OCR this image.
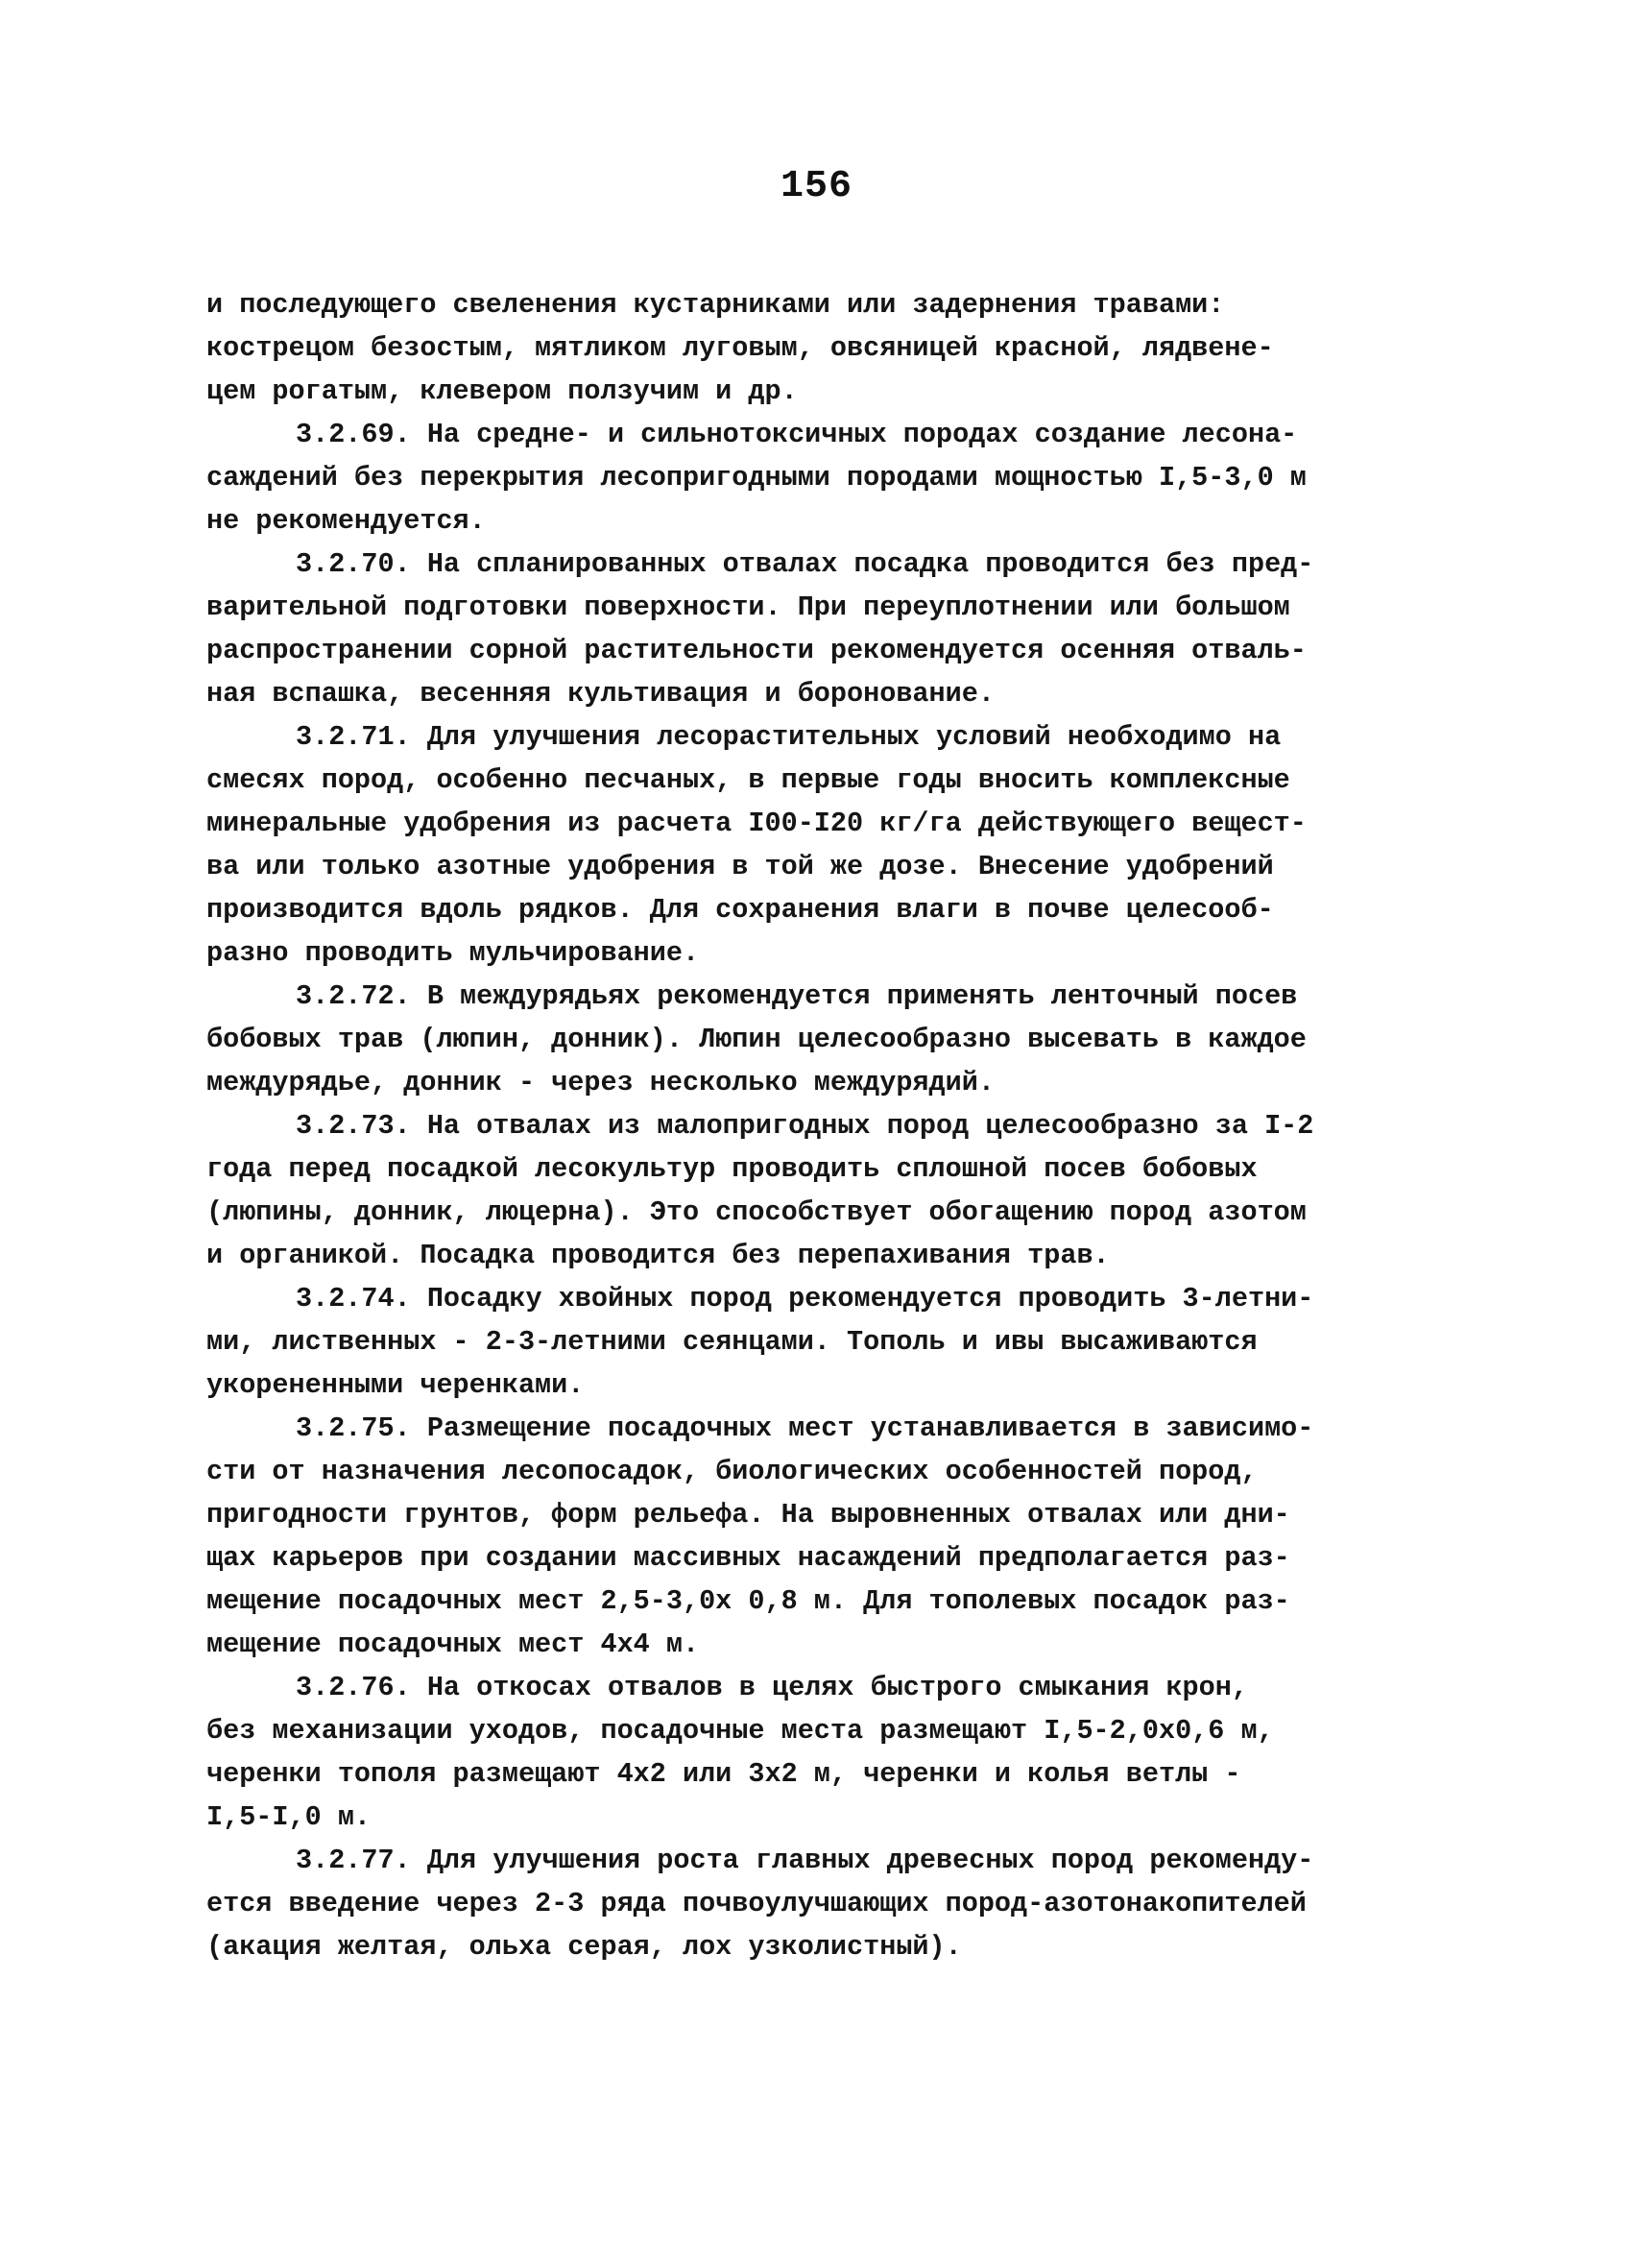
156
и последующего свеленения кустарниками или задернения травами:
кострецом безостым, мятликом луговым, овсяницей красной, лядвене-
цем рогатым, клевером ползучим и др.
3.2.69. На средне- и сильнотоксичных породах создание лесона-
саждений без перекрытия лесопригодными породами мощностью I,5-3,0 м
не рекомендуется.
3.2.70. На спланированных отвалах посадка проводится без пред-
варительной подготовки поверхности. При переуплотнении или большом
распространении сорной растительности рекомендуется осенняя отваль-
ная вспашка, весенняя культивация и боронование.
3.2.71. Для улучшения лесорастительных условий необходимо на
смесях пород, особенно песчаных, в первые годы вносить комплексные
минеральные удобрения из расчета I00-I20 кг/га действующего вещест-
ва или только азотные удобрения в той же дозе. Внесение удобрений
производится вдоль рядков. Для сохранения влаги в почве целесооб-
разно проводить мульчирование.
3.2.72. В междурядьях рекомендуется применять ленточный посев
бобовых трав (люпин, донник). Люпин целесообразно высевать в каждое
междурядье, донник - через несколько междурядий.
3.2.73. На отвалах из малопригодных пород целесообразно за I-2
года перед посадкой лесокультур проводить сплошной посев бобовых
(люпины, донник, люцерна). Это способствует обогащению пород азотом
и органикой. Посадка проводится без перепахивания трав.
3.2.74. Посадку хвойных пород рекомендуется проводить 3-летни-
ми, лиственных - 2-3-летними сеянцами. Тополь и ивы высаживаются
укорененными черенками.
3.2.75. Размещение посадочных мест устанавливается в зависимо-
сти от назначения лесопосадок, биологических особенностей пород,
пригодности грунтов, форм рельефа. На выровненных отвалах или дни-
щах карьеров при создании массивных насаждений предполагается раз-
мещение посадочных мест 2,5-3,0х 0,8 м. Для тополевых посадок раз-
мещение посадочных мест 4х4 м.
3.2.76. На откосах отвалов в целях быстрого смыкания крон,
без механизации уходов, посадочные места размещают I,5-2,0х0,6 м,
черенки тополя размещают 4х2 или 3х2 м, черенки и колья ветлы -
I,5-I,0 м.
3.2.77. Для улучшения роста главных древесных пород рекоменду-
ется введение через 2-3 ряда почвоулучшающих пород-азотонакопителей
(акация желтая, ольха серая, лох узколистный).
